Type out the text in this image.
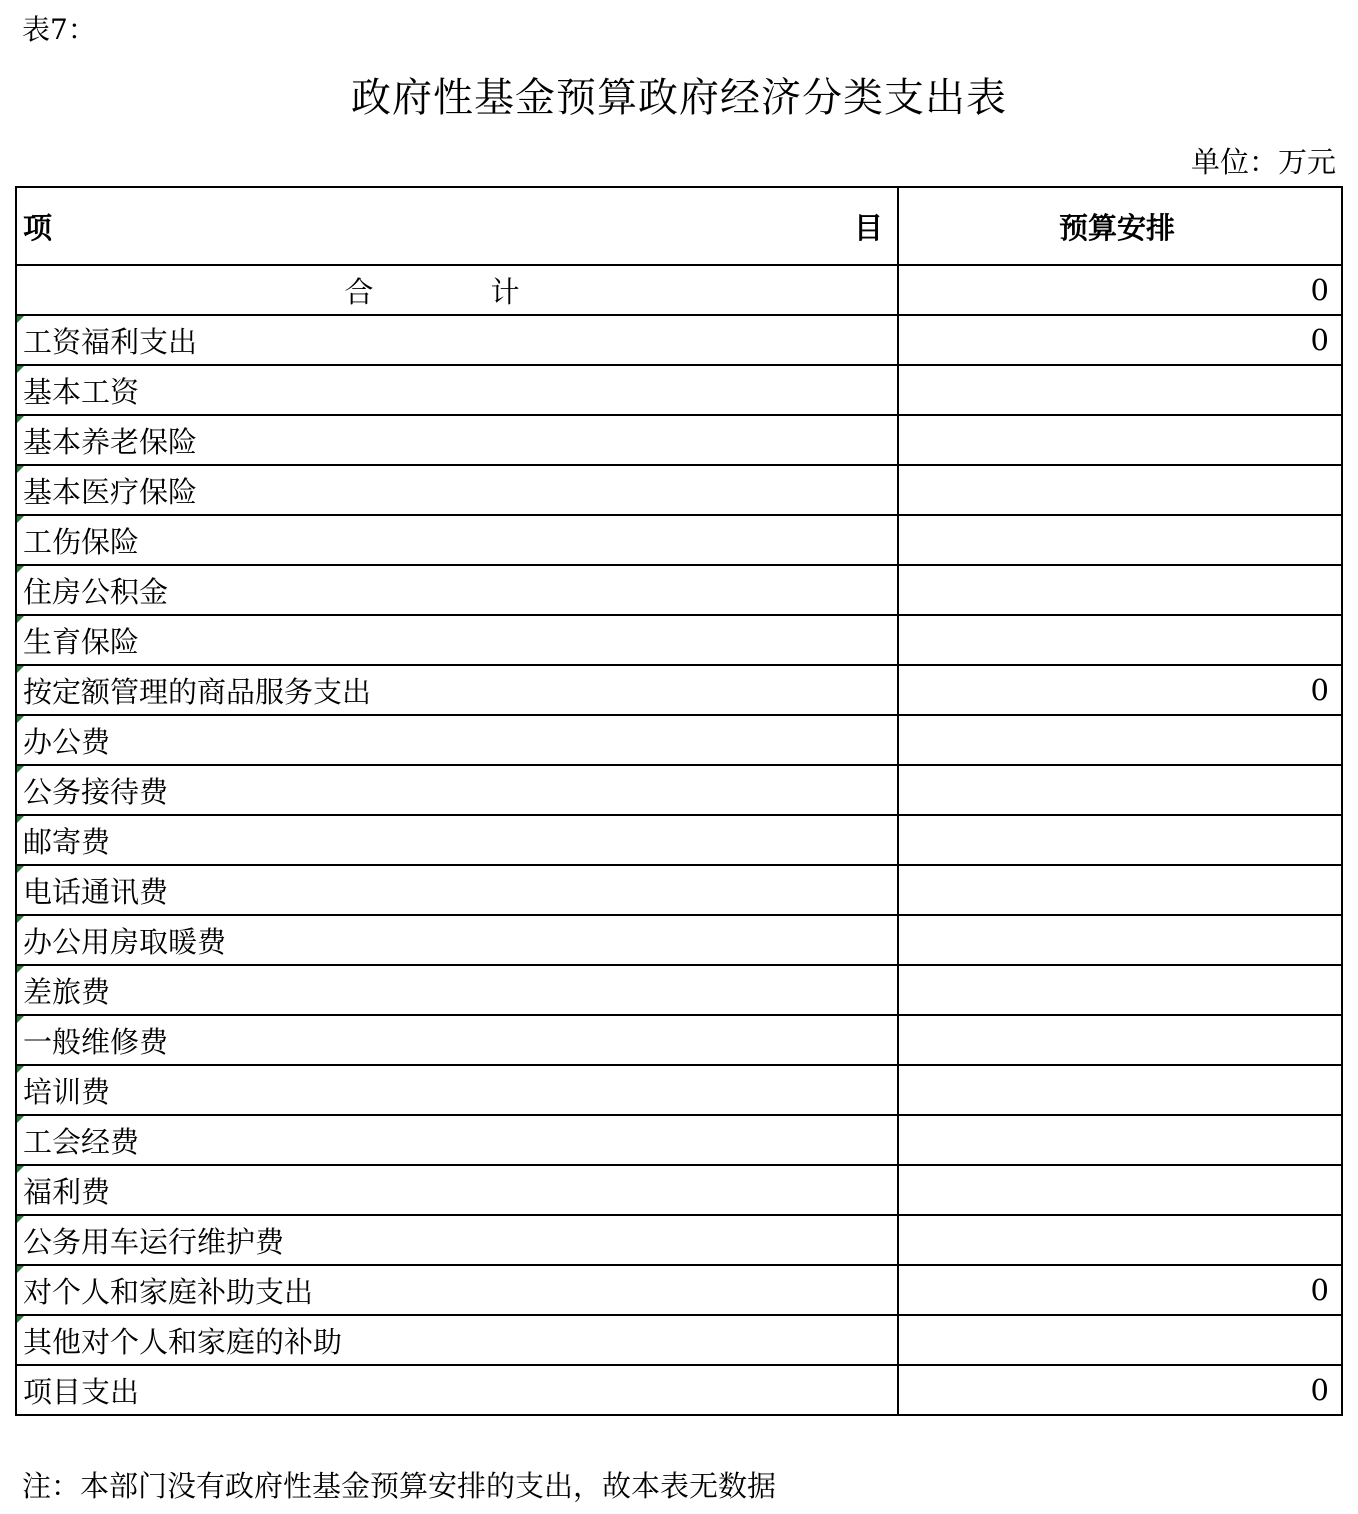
表7：
政府性基金预算政府经济分类支出表
单位：万元
项 目	预算安排
合　计	0

工资福利支出	0

基本工资	

基本养老保险	

基本医疗保险	

工伤保险	

住房公积金	

生育保险	

按定额管理的商品服务支出	0

办公费	

公务接待费	

邮寄费	

电话通讯费	

办公用房取暖费	

差旅费	

一般维修费	

培训费	

工会经费	

福利费	

公务用车运行维护费	

对个人和家庭补助支出	0

其他对个人和家庭的补助	
项目支出	0
注：本部门没有政府性基金预算安排的支出，故本表无数据
